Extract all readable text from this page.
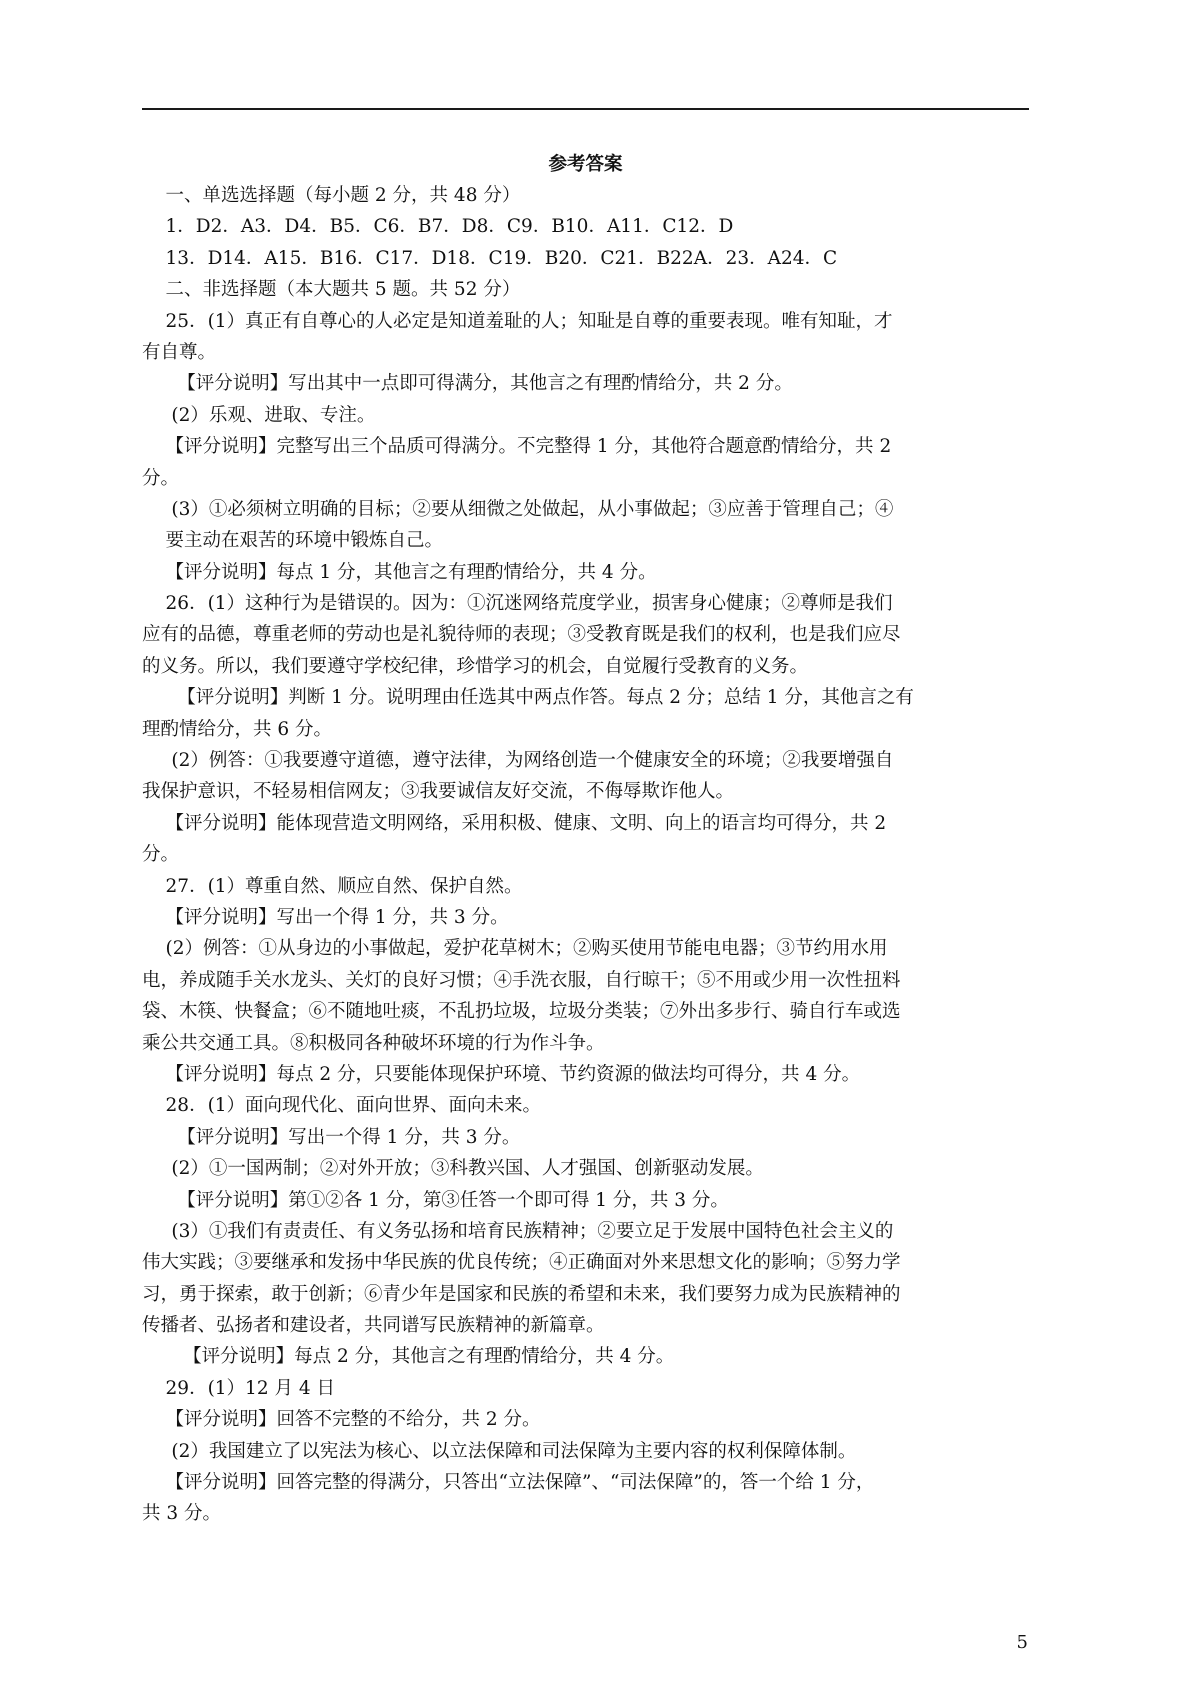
参考答案
一、单选选择题（每小题 2 分，共 48 分）
1．D2．A3．D4．B5．C6．B7．D8．C9．B10．A11．C12．D
13．D14．A15．B16．C17．D18．C19．B20．C21．B22A．23．A24．C
二、非选择题（本大题共 5 题。共 52 分）
25．(1）真正有自尊心的人必定是知道羞耻的人；知耻是自尊的重要表现。唯有知耻，才
有自尊。
【评分说明】写出其中一点即可得满分，其他言之有理酌情给分，共 2 分。
(2）乐观、进取、专注。
【评分说明】完整写出三个品质可得满分。不完整得 1 分，其他符合题意酌情给分，共 2
分。
(3）①必须树立明确的目标；②要从细微之处做起，从小事做起；③应善于管理自己；④
要主动在艰苦的环境中锻炼自己。
【评分说明】每点 1 分，其他言之有理酌情给分，共 4 分。
26．(1）这种行为是错误的。因为：①沉迷网络荒度学业，损害身心健康；②尊师是我们
应有的品德，尊重老师的劳动也是礼貌待师的表现；③受教育既是我们的权利，也是我们应尽
的义务。所以，我们要遵守学校纪律，珍惜学习的机会，自觉履行受教育的义务。
【评分说明】判断 1 分。说明理由任选其中两点作答。每点 2 分；总结 1 分，其他言之有
理酌情给分，共 6 分。
(2）例答：①我要遵守道德，遵守法律，为网络创造一个健康安全的环境；②我要增强自
我保护意识，不轻易相信网友；③我要诚信友好交流，不侮辱欺诈他人。
【评分说明】能体现营造文明网络，采用积极、健康、文明、向上的语言均可得分，共 2
分。
27．(1）尊重自然、顺应自然、保护自然。
【评分说明】写出一个得 1 分，共 3 分。
(2）例答：①从身边的小事做起，爱护花草树木；②购买使用节能电电器；③节约用水用
电，养成随手关水龙头、关灯的良好习惯；④手洗衣服，自行晾干；⑤不用或少用一次性扭料
袋、木筷、快餐盒；⑥不随地吐痰，不乱扔垃圾，垃圾分类装；⑦外出多步行、骑自行车或选
乘公共交通工具。⑧积极同各种破坏环境的行为作斗争。
【评分说明】每点 2 分，只要能体现保护环境、节约资源的做法均可得分，共 4 分。
28．(1）面向现代化、面向世界、面向未来。
【评分说明】写出一个得 1 分，共 3 分。
(2）①一国两制；②对外开放；③科教兴国、人才强国、创新驱动发展。
【评分说明】第①②各 1 分，第③任答一个即可得 1 分，共 3 分。
(3）①我们有责责任、有义务弘扬和培育民族精神；②要立足于发展中国特色社会主义的
伟大实践；③要继承和发扬中华民族的优良传统；④正确面对外来思想文化的影响；⑤努力学
习，勇于探索，敢于创新；⑥青少年是国家和民族的希望和未来，我们要努力成为民族精神的
传播者、弘扬者和建设者，共同谱写民族精神的新篇章。
【评分说明】每点 2 分，其他言之有理酌情给分，共 4 分。
29．(1）12 月 4 日
【评分说明】回答不完整的不给分，共 2 分。
(2）我国建立了以宪法为核心、以立法保障和司法保障为主要内容的权利保障体制。
【评分说明】回答完整的得满分，只答出“立法保障”、“司法保障”的，答一个给 1 分，
共 3 分。
5
